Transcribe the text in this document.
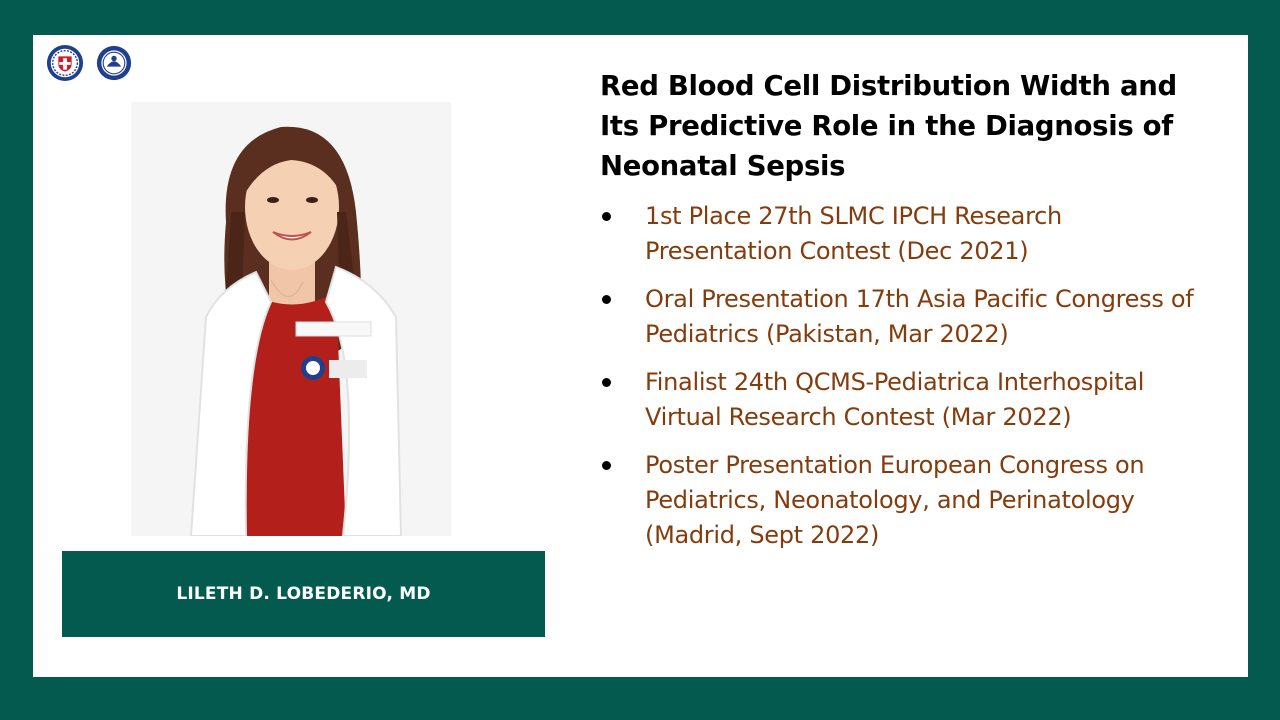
LILETH D. LOBEDERIO, MD
Red Blood Cell Distribution Width and Its Predictive Role in the Diagnosis of Neonatal Sepsis
1st Place 27th SLMC IPCH Research Presentation Contest (Dec 2021)
Oral Presentation 17th Asia Pacific Congress of Pediatrics (Pakistan, Mar 2022)
Finalist 24th QCMS-Pediatrica Interhospital Virtual Research Contest (Mar 2022)
Poster Presentation European Congress on Pediatrics, Neonatology, and Perinatology (Madrid, Sept 2022)
